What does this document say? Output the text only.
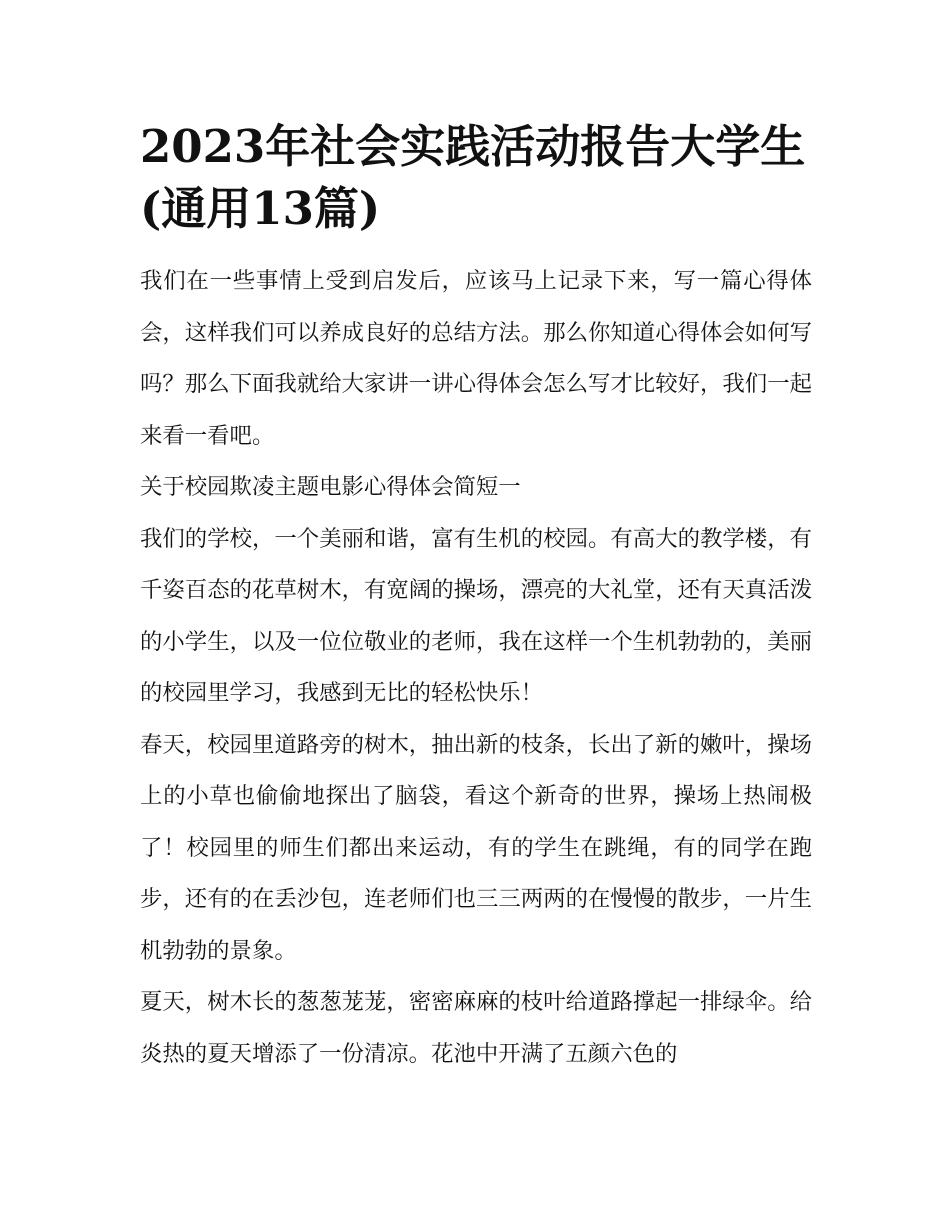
2023年社会实践活动报告大学生(通用13篇)

我们在一些事情上受到启发后，应该马上记录下来，写一篇心得体会，这样我们可以养成良好的总结方法。那么你知道心得体会如何写吗？那么下面我就给大家讲一讲心得体会怎么写才比较好，我们一起来看一看吧。

关于校园欺凌主题电影心得体会简短一

我们的学校，一个美丽和谐，富有生机的校园。有高大的教学楼，有千姿百态的花草树木，有宽阔的操场，漂亮的大礼堂，还有天真活泼的小学生，以及一位位敬业的老师，我在这样一个生机勃勃的，美丽的校园里学习，我感到无比的轻松快乐！

春天，校园里道路旁的树木，抽出新的枝条，长出了新的嫩叶，操场上的小草也偷偷地探出了脑袋，看这个新奇的世界，操场上热闹极了！校园里的师生们都出来运动，有的学生在跳绳，有的同学在跑步，还有的在丢沙包，连老师们也三三两两的在慢慢的散步，一片生机勃勃的景象。

夏天，树木长的葱葱茏茏，密密麻麻的枝叶给道路撑起一排绿伞。给炎热的夏天增添了一份清凉。花池中开满了五颜六色的
